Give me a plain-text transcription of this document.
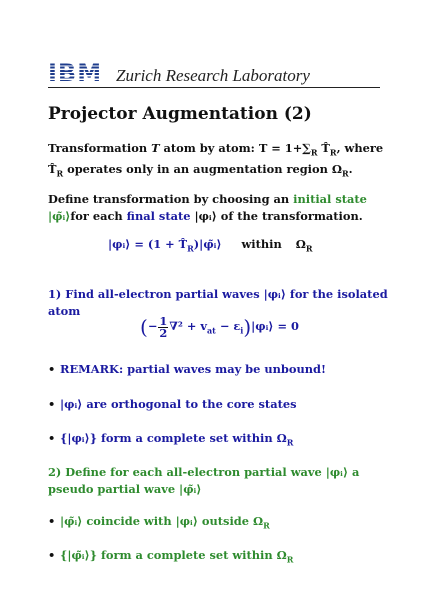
IBM Zurich Research Laboratory
Projector Augmentation (2)
Transformation T atom by atom: $T = 1+\sum_R$ $T̂_R$, where
$T̂_R$ operates only in an augmentation region $\Omega_R$.
Define transformation by choosing an initial state
|φ̃ᵢ⟩for each final state |φᵢ⟩ of the transformation.
|φᵢ⟩ = $(1 + T̂_R)|\varphĩᵢ⟩$ within $\Omega_R$
1) Find all-electron partial waves |φᵢ⟩ for the isolated
atom
(− $\frac{1}{2} \nabla^2 + v_{at}$ − $\varepsilon_i)|\varphi ᵢ⟩ = 0$
• REMARK: partial waves may be unbound!
• |φᵢ⟩ are orthogonal to the core states
• {|φᵢ⟩} form a complete set within $\Omega_R$
2) Define for each all-electron partial wave |φᵢ⟩ a
pseudo partial wave |φ̃ᵢ⟩
• |φ̃ᵢ⟩ coincide with |φᵢ⟩ outside $\Omega_R$
• {|φ̃ᵢ⟩} form a complete set within $\Omega_R$
